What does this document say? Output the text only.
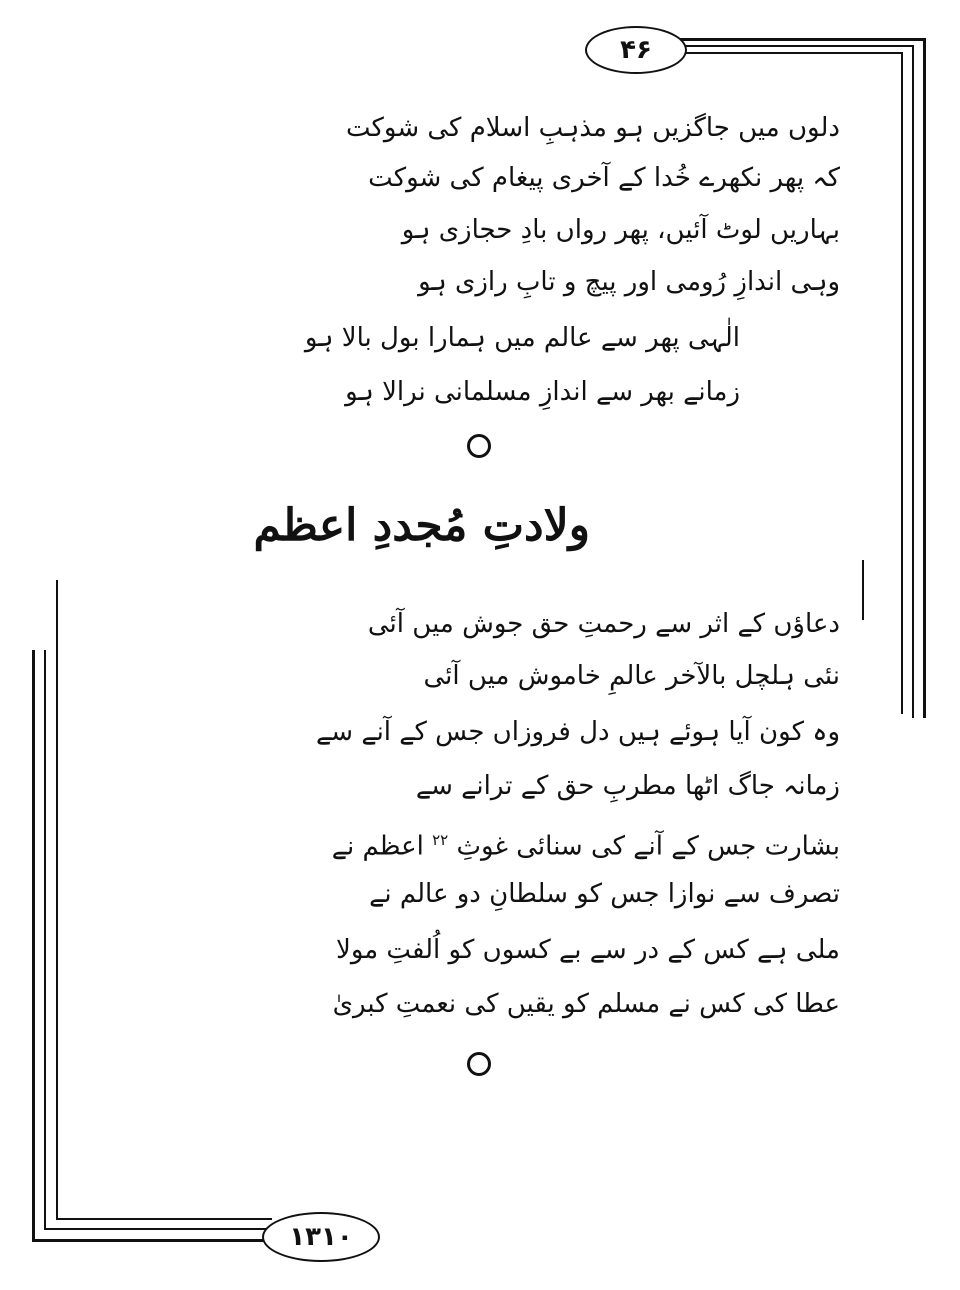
۴۶
۱۳۱۰
دلوں میں جاگزیں ہو مذہبِ اسلام کی شوکت
کہ پھر نکھرے خُدا کے آخری پیغام کی شوکت
بہاریں لوٹ آئیں، پھر رواں بادِ حجازی ہو
وہی اندازِ رُومی اور پیچ و تابِ رازی ہو
الٰہی پھر سے عالم میں ہمارا بول بالا ہو
زمانے بھر سے اندازِ مسلمانی نرالا ہو
ولادتِ مُجددِ اعظم
دعاؤں کے اثر سے رحمتِ حق جوش میں آئی
نئی ہلچل بالآخر عالمِ خاموش میں آئی
وہ کون آیا ہوئے ہیں دل فروزاں جس کے آنے سے
زمانہ جاگ اٹھا مطربِ حق کے ترانے سے
بشارت جس کے آنے کی سنائی غوثِ $^{۲۲}$ اعظم نے
تصرف سے نوازا جس کو سلطانِ دو عالم نے
ملی ہے کس کے در سے بے کسوں کو اُلفتِ مولا
عطا کی کس نے مسلم کو یقیں کی نعمتِ کبریٰ
